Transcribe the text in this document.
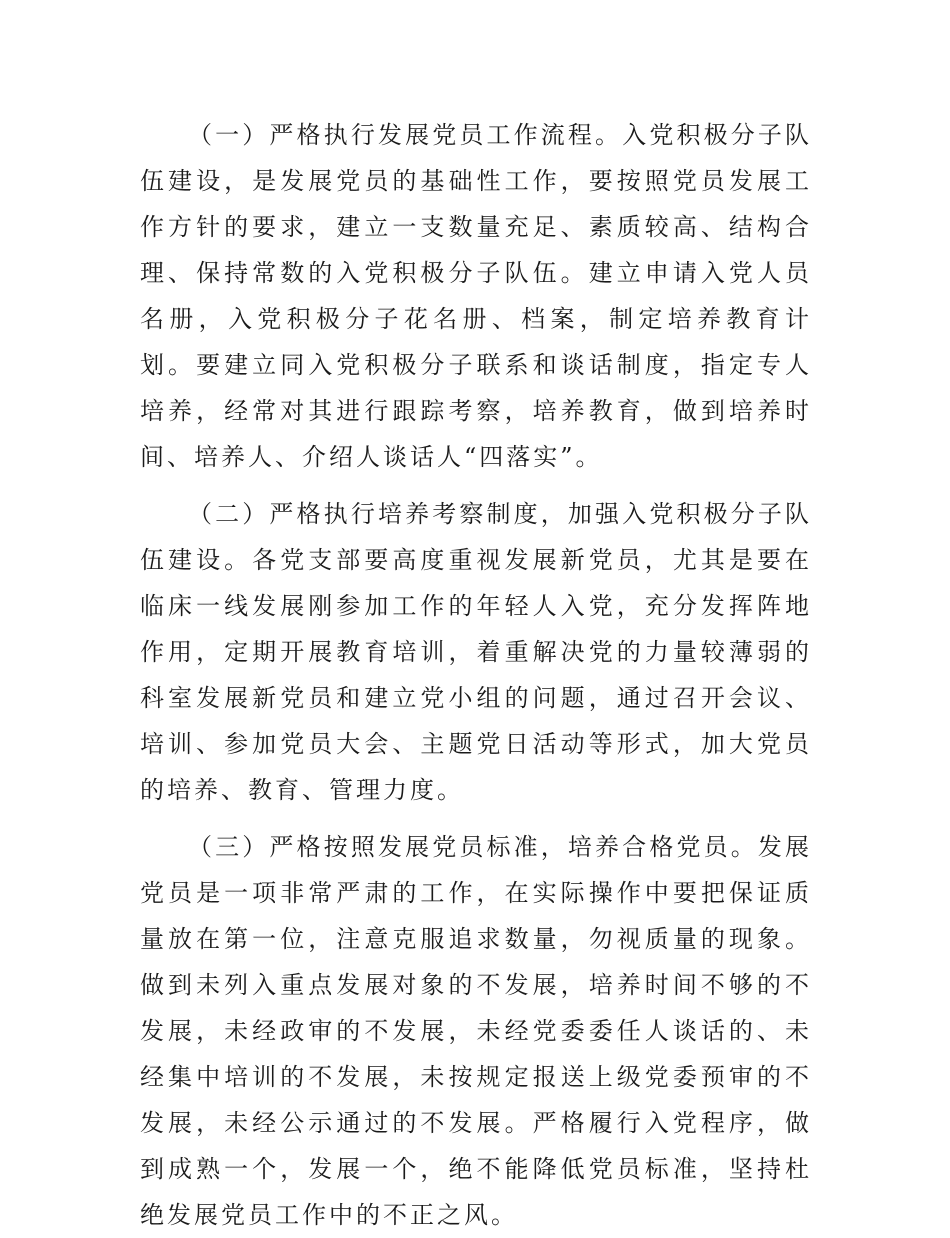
（一）严格执行发展党员工作流程。入党积极分子队伍建设，是发展党员的基础性工作，要按照党员发展工作方针的要求，建立一支数量充足、素质较高、结构合理、保持常数的入党积极分子队伍。建立申请入党人员名册，入党积极分子花名册、档案，制定培养教育计划。要建立同入党积极分子联系和谈话制度，指定专人培养，经常对其进行跟踪考察，培养教育，做到培养时间、培养人、介绍人谈话人“四落实”。

（二）严格执行培养考察制度，加强入党积极分子队伍建设。各党支部要高度重视发展新党员，尤其是要在临床一线发展刚参加工作的年轻人入党，充分发挥阵地作用，定期开展教育培训，着重解决党的力量较薄弱的科室发展新党员和建立党小组的问题，通过召开会议、培训、参加党员大会、主题党日活动等形式，加大党员的培养、教育、管理力度。

（三）严格按照发展党员标准，培养合格党员。发展党员是一项非常严肃的工作，在实际操作中要把保证质量放在第一位，注意克服追求数量，勿视质量的现象。做到未列入重点发展对象的不发展，培养时间不够的不发展，未经政审的不发展，未经党委委任人谈话的、未经集中培训的不发展，未按规定报送上级党委预审的不发展，未经公示通过的不发展。严格履行入党程序，做到成熟一个，发展一个，绝不能降低党员标准，坚持杜绝发展党员工作中的不正之风。
